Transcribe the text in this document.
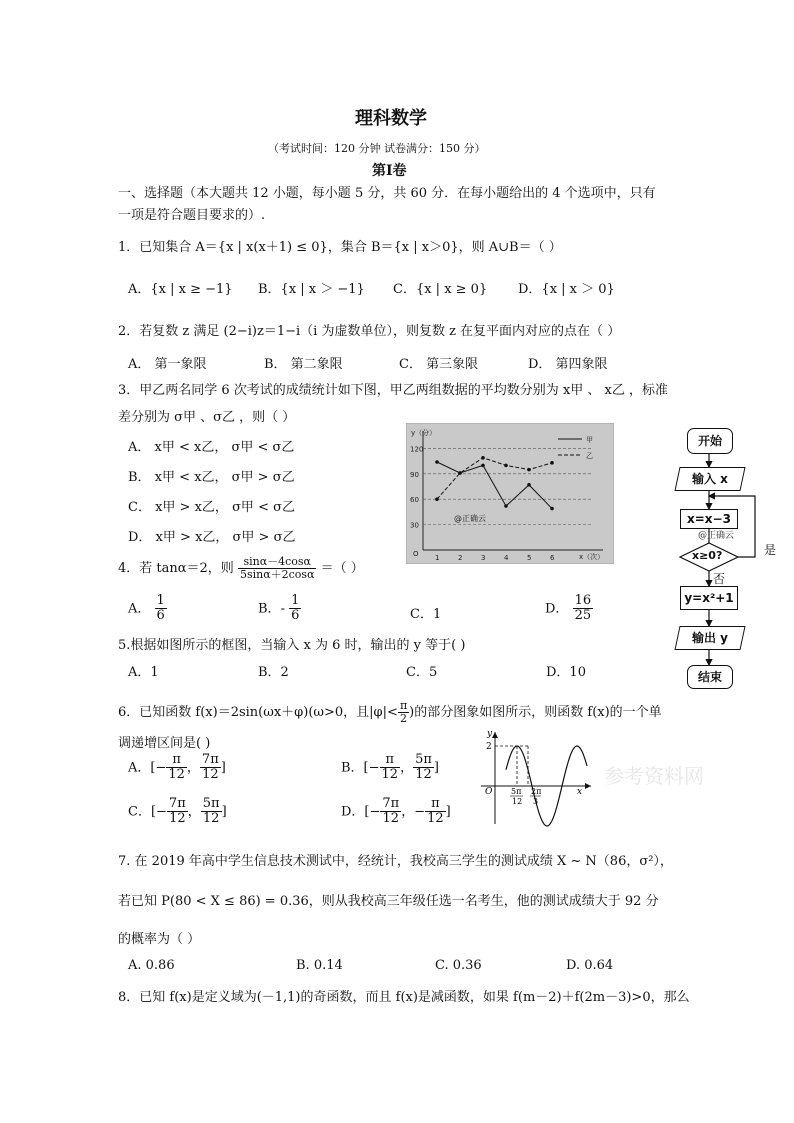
理科数学
（考试时间：120 分钟 试卷满分：150 分）
第Ⅰ卷
一、选择题（本大题共 12 小题，每小题 5 分，共 60 分．在每小题给出的 4 个选项中，只有
一项是符合题目要求的）.
1．已知集合 A＝{x | x(x＋1) ≤ 0}，集合 B＝{x | x＞0}，则 A∪B＝（ ）
A．{x | x ≥ −1} B．{x | x ＞ −1} C．{x | x ≥ 0} D．{x | x ＞ 0}
2．若复数 z 满足 (2−i)z＝1−i（i 为虚数单位），则复数 z 在复平面内对应的点在（ ）
A． 第一象限	B． 第二象限	C． 第三象限	D． 第四象限
3．甲乙两名同学 6 次考试的成绩统计如下图，甲乙两组数据的平均数分别为 x甲 、 x乙 ，标准
差分别为 σ甲 、σ乙 ，则（ ）
A． x甲 < x乙， σ甲 < σ乙
B． x甲 < x乙， σ甲 > σ乙
C． x甲 > x乙， σ甲 < σ乙
D． x甲 > x乙， σ甲 > σ乙
y（分）
x（次）
O
30
60
90
120
1	2	3	4	5	6
甲
乙
@正确云
4．若 tanα＝2，则 $\frac{\sin\alpha-4\cos\alpha}{5\sin\alpha+2\cos\alpha}$ ＝（ ）
A． $\frac{1}{6}$	B．- $\frac{1}{6}$	C．1	D． $\frac{16}{25}$
5.根据如图所示的框图，当输入 x 为 6 时，输出的 y 等于( )
A．1	B．2	C．5	D．10
开始
输入 x
x=x−3
@正确云
x≥0?	是
否
y=x²+1
输出 y
结束
6．已知函数 f(x)＝2sin(ωx＋φ)(ω>0，且$|\varphi|< \frac{\pi}{2}$ )的部分图象如图所示，则函数 f(x)的一个单
调递增区间是( )
A．[− $\frac{\pi}{12}$ ， $\frac{7\pi}{12}$ ]	B．[− $\frac{\pi}{12}$ ， $\frac{5\pi}{12}$ ]
C．[− $\frac{7\pi}{12}$ ， $\frac{5\pi}{12}$ ]	D．[− $\frac{7\pi}{12}$ ，− $\frac{\pi}{12}$ ]
y
2
O	x
5π
12
2π
3
参考资料网
7. 在 2019 年高中学生信息技术测试中，经统计，我校高三学生的测试成绩 X ~ N（86，σ²），
若已知 P(80 < X ≤ 86) = 0.36，则从我校高三年级任选一名考生，他的测试成绩大于 92 分
的概率为（ ）
A. 0.86	B. 0.14	C. 0.36	D. 0.64
8．已知 f(x)是定义域为(－1,1)的奇函数，而且 f(x)是减函数，如果 f(m－2)＋f(2m－3)>0，那么
